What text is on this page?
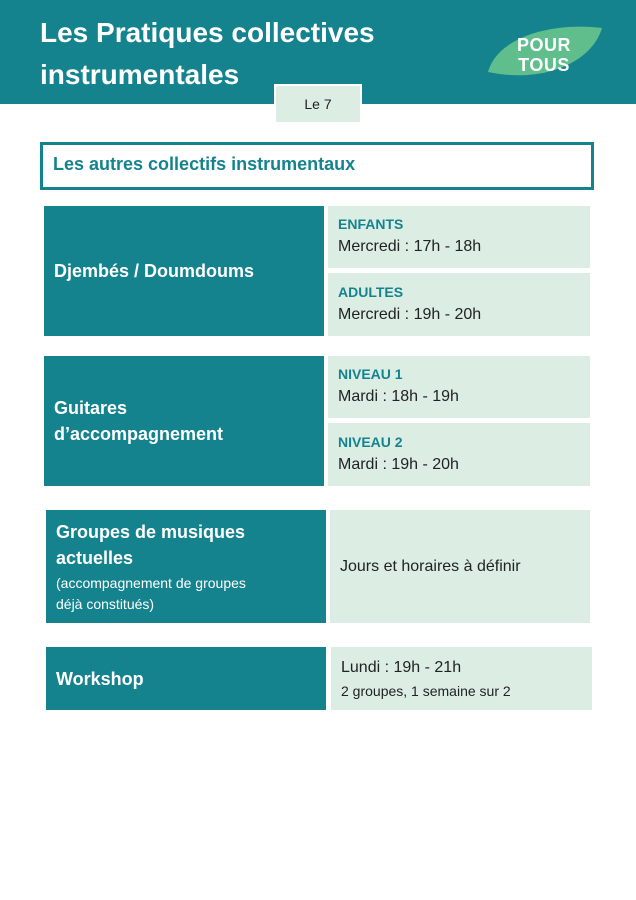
Les Pratiques collectives instrumentales
POUR TOUS
Le 7
Les autres collectifs instrumentaux
Djembés / Doumdoums
ENFANTS
Mercredi : 17h - 18h
ADULTES
Mercredi : 19h - 20h
Guitares d’accompagnement
NIVEAU 1
Mardi : 18h - 19h
NIVEAU 2
Mardi : 19h - 20h
Groupes de musiques actuelles
(accompagnement de groupes déjà constitués)
Jours et horaires à définir
Workshop
Lundi : 19h - 21h
2 groupes, 1 semaine sur 2
